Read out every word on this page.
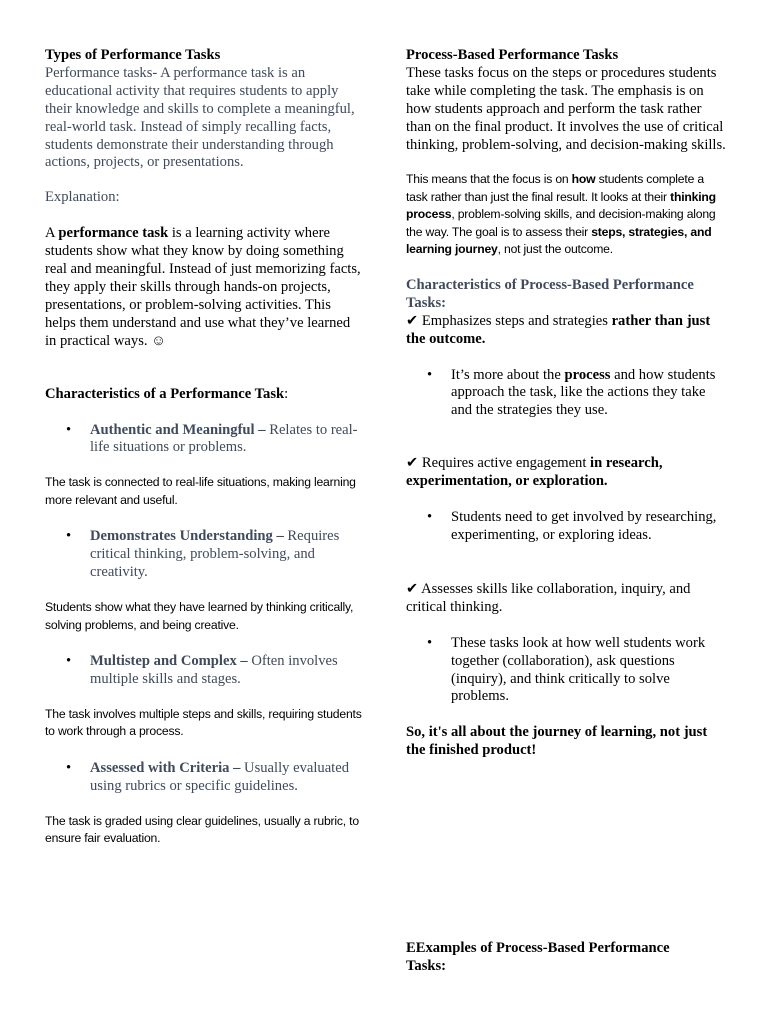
Types of Performance Tasks

Performance tasks- A performance task is an educational activity that requires students to apply their knowledge and skills to complete a meaningful, real-world task. Instead of simply recalling facts, students demonstrate their understanding through actions, projects, or presentations.

Explanation:

A performance task is a learning activity where students show what they know by doing something real and meaningful. Instead of just memorizing facts, they apply their skills through hands-on projects, presentations, or problem-solving activities. This helps them understand and use what they’ve learned in practical ways. ☺

Characteristics of a Performance Task:

• Authentic and Meaningful – Relates to real-life situations or problems.

The task is connected to real-life situations, making learning more relevant and useful.

• Demonstrates Understanding – Requires critical thinking, problem-solving, and creativity.

Students show what they have learned by thinking critically, solving problems, and being creative.

• Multistep and Complex – Often involves multiple skills and stages.

The task involves multiple steps and skills, requiring students to work through a process.

• Assessed with Criteria – Usually evaluated using rubrics or specific guidelines.

The task is graded using clear guidelines, usually a rubric, to ensure fair evaluation.

Process-Based Performance Tasks

These tasks focus on the steps or procedures students take while completing the task. The emphasis is on how students approach and perform the task rather than on the final product. It involves the use of critical thinking, problem-solving, and decision-making skills.

This means that the focus is on how students complete a task rather than just the final result. It looks at their thinking process, problem-solving skills, and decision-making along the way. The goal is to assess their steps, strategies, and learning journey, not just the outcome.

Characteristics of Process-Based Performance Tasks:

✔ Emphasizes steps and strategies rather than just the outcome.

• It’s more about the process and how students approach the task, like the actions they take and the strategies they use.

✔ Requires active engagement in research, experimentation, or exploration.

• Students need to get involved by researching, experimenting, or exploring ideas.

✔ Assesses skills like collaboration, inquiry, and critical thinking.

• These tasks look at how well students work together (collaboration), ask questions (inquiry), and think critically to solve problems.

So, it's all about the journey of learning, not just the finished product!

EExamples of Process-Based Performance Tasks:
